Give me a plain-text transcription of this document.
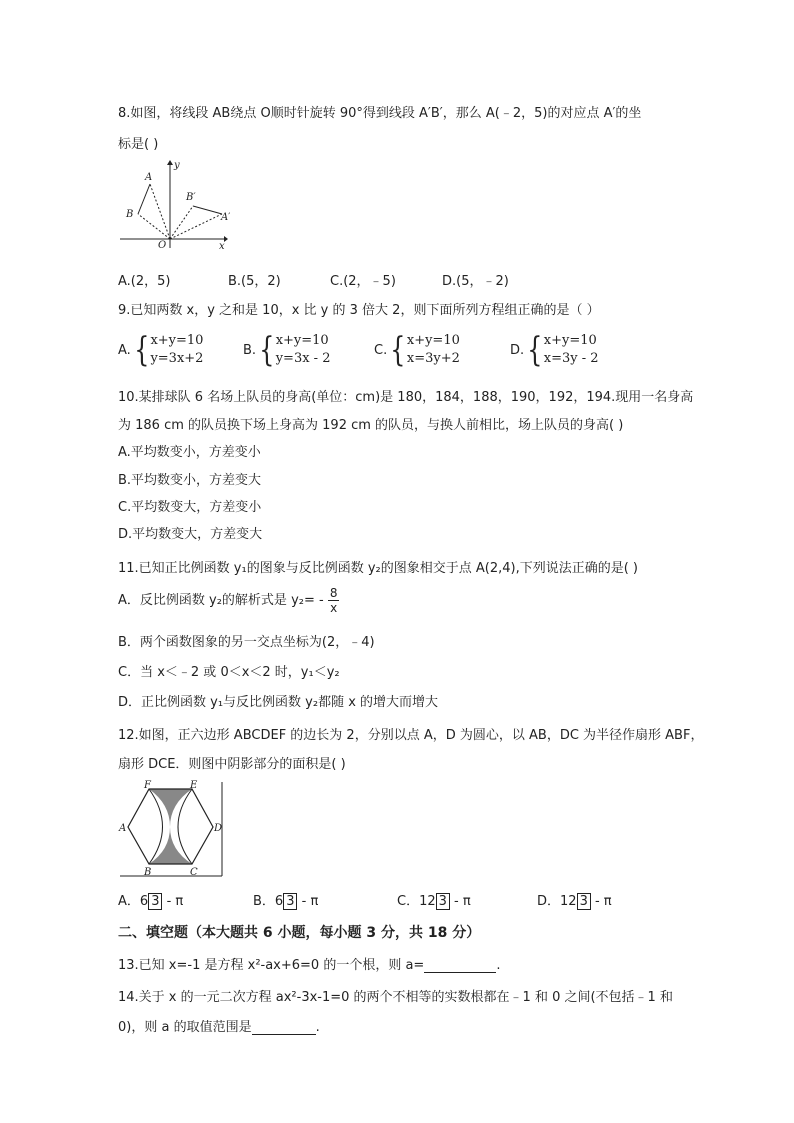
8.如图，将线段 AB绕点 O顺时针旋转 90°得到线段 A′B′，那么 A(﹣2，5)的对应点 A′的坐
标是( )
y
A
B
B′
A′
O	x
A.(2，5)	B.(5，2)	C.(2，﹣5)	D.(5，﹣2)
9.已知两数 x，y 之和是 10，x 比 y 的 3 倍大 2，则下面所列方程组正确的是（ ）
A. { x+y=10
y=3x+2
B. { x+y=10
y=3x - 2
C. { x+y=10
x=3y+2
D. { x+y=10
x=3y - 2
10.某排球队 6 名场上队员的身高(单位：cm)是 180，184，188，190，192，194.现用一名身高
为 186 cm 的队员换下场上身高为 192 cm 的队员，与换人前相比，场上队员的身高( )
A.平均数变小，方差变小
B.平均数变小，方差变大
C.平均数变大，方差变小
D.平均数变大，方差变大
11.已知正比例函数 y₁的图象与反比例函数 y₂的图象相交于点 A(2,4),下列说法正确的是( )
A．反比例函数 y₂的解析式是 $y_2= - \frac{8}{x}$
B．两个函数图象的另一交点坐标为(2，﹣4)
C．当 x＜﹣2 或 0＜x＜2 时，y₁＜y₂
D．正比例函数 y₁与反比例函数 y₂都随 x 的增大而增大
12.如图，正六边形 ABCDEF 的边长为 2，分别以点 A，D 为圆心，以 AB，DC 为半径作扇形 ABF，
扇形 DCE．则图中阴影部分的面积是( )
F	E
A	D
B	C
A．6 3 - π	B．6 3 - π	C．12 3 - π	D．12 3 - π
二、填空题（本大题共 6 小题，每小题 3 分，共 18 分）
13.已知 x=-1 是方程 x²-ax+6=0 的一个根，则 a=	.
14.关于 x 的一元二次方程 ax²-3x-1=0 的两个不相等的实数根都在﹣1 和 0 之间(不包括﹣1 和
0)，则 a 的取值范围是	.
